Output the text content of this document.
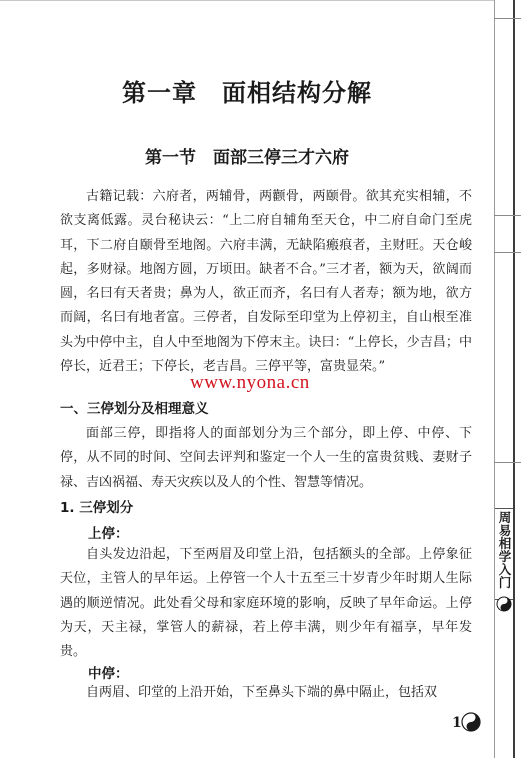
第一章　面相结构分解
第一节　面部三停三才六府

古籍记载：六府者，两辅骨，两颧骨，两颐骨。欲其充实相辅，不欲支离低露。灵台秘诀云：“上二府自辅角至天仓，中二府自命门至虎耳，下二府自颐骨至地阁。六府丰满，无缺陷瘢痕者，主财旺。天仓峻起，多财禄。地阁方圆，万顷田。缺者不合。”三才者，额为天，欲阔而圆，名曰有天者贵；鼻为人，欲正而齐，名曰有人者寿；额为地，欲方而阔，名曰有地者富。三停者，自发际至印堂为上停初主，自山根至准头为中停中主，自人中至地阁为下停末主。诀曰：“上停长，少吉昌；中停长，近君王；下停长，老吉昌。三停平等，富贵显荣。”

www.nyona.cn
一、三停划分及相理意义

面部三停，即指将人的面部划分为三个部分，即上停、中停、下停，从不同的时间、空间去评判和鉴定一个人一生的富贵贫贱、妻财子禄、吉凶祸福、寿天灾疾以及人的个性、智慧等情况。

1. 三停划分
上停：

自头发边沿起，下至两眉及印堂上沿，包括额头的全部。上停象征天位，主管人的早年运。上停管一个人十五至三十岁青少年时期人生际遇的顺逆情况。此处看父母和家庭环境的影响，反映了早年命运。上停为天，天主禄，掌管人的薪禄，若上停丰满，则少年有福享，早年发贵。

中停：

自两眉、印堂的上沿开始，下至鼻头下端的鼻中隔止，包括双

周易相学入门
1
